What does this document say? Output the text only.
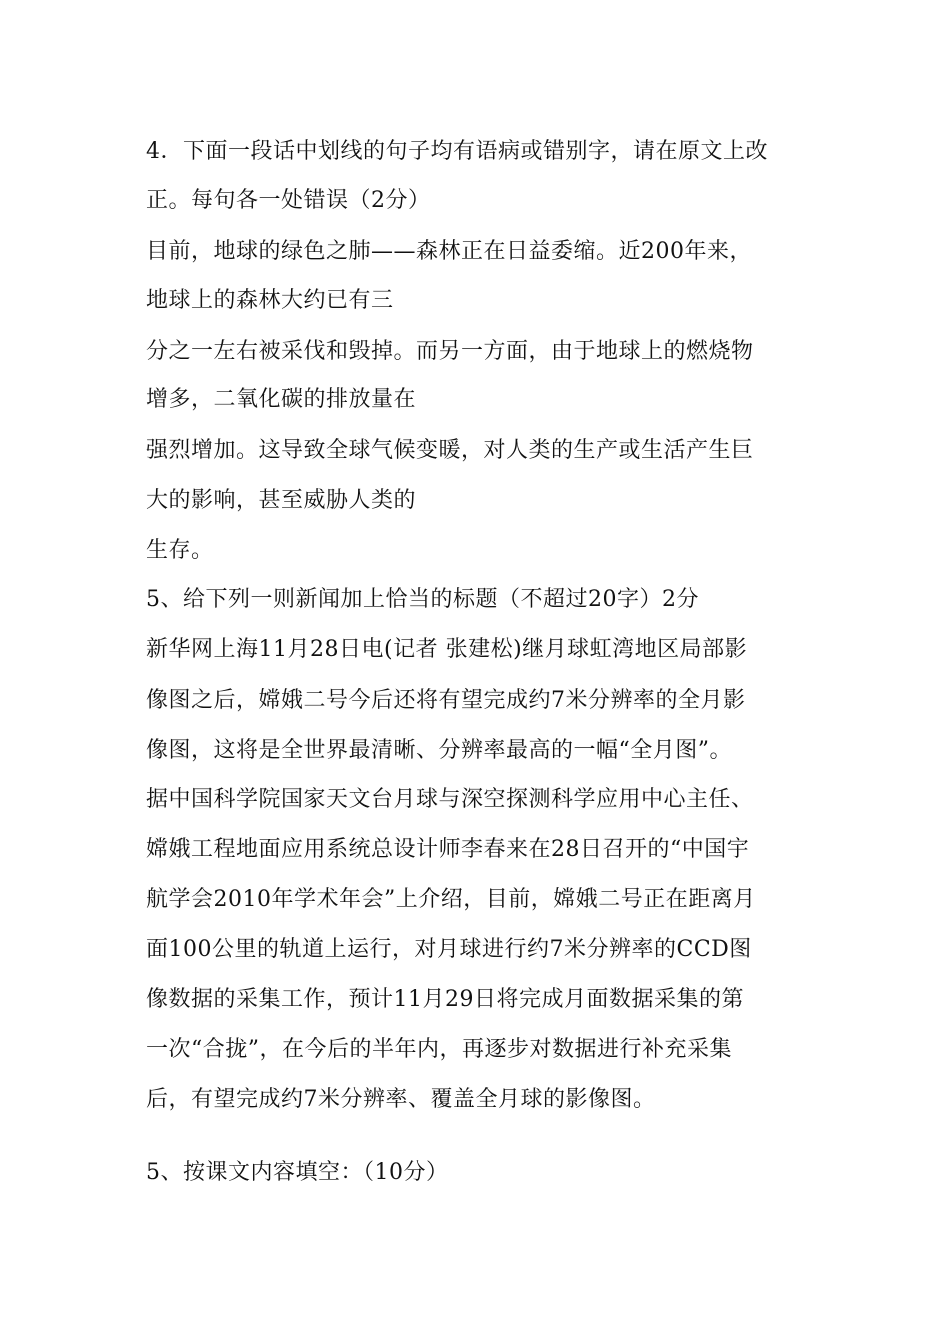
4．下面一段话中划线的句子均有语病或错别字，请在原文上改
正。每句各一处错误（2分）
目前，地球的绿色之肺——森林正在日益委缩。近200年来，
地球上的森林大约已有三
分之一左右被采伐和毁掉。而另一方面，由于地球上的燃烧物
增多，二氧化碳的排放量在
强烈增加。这导致全球气候变暖，对人类的生产或生活产生巨
大的影响，甚至威胁人类的
生存。
5、给下列一则新闻加上恰当的标题（不超过20字）2分
新华网上海11月28日电(记者 张建松)继月球虹湾地区局部影
像图之后，嫦娥二号今后还将有望完成约7米分辨率的全月影
像图，这将是全世界最清晰、分辨率最高的一幅“全月图”。
据中国科学院国家天文台月球与深空探测科学应用中心主任、
嫦娥工程地面应用系统总设计师李春来在28日召开的“中国宇
航学会2010年学术年会”上介绍，目前，嫦娥二号正在距离月
面100公里的轨道上运行，对月球进行约7米分辨率的CCD图
像数据的采集工作，预计11月29日将完成月面数据采集的第
一次“合拢”，在今后的半年内，再逐步对数据进行补充采集
后，有望完成约7米分辨率、覆盖全月球的影像图。
5、按课文内容填空：（10分）
